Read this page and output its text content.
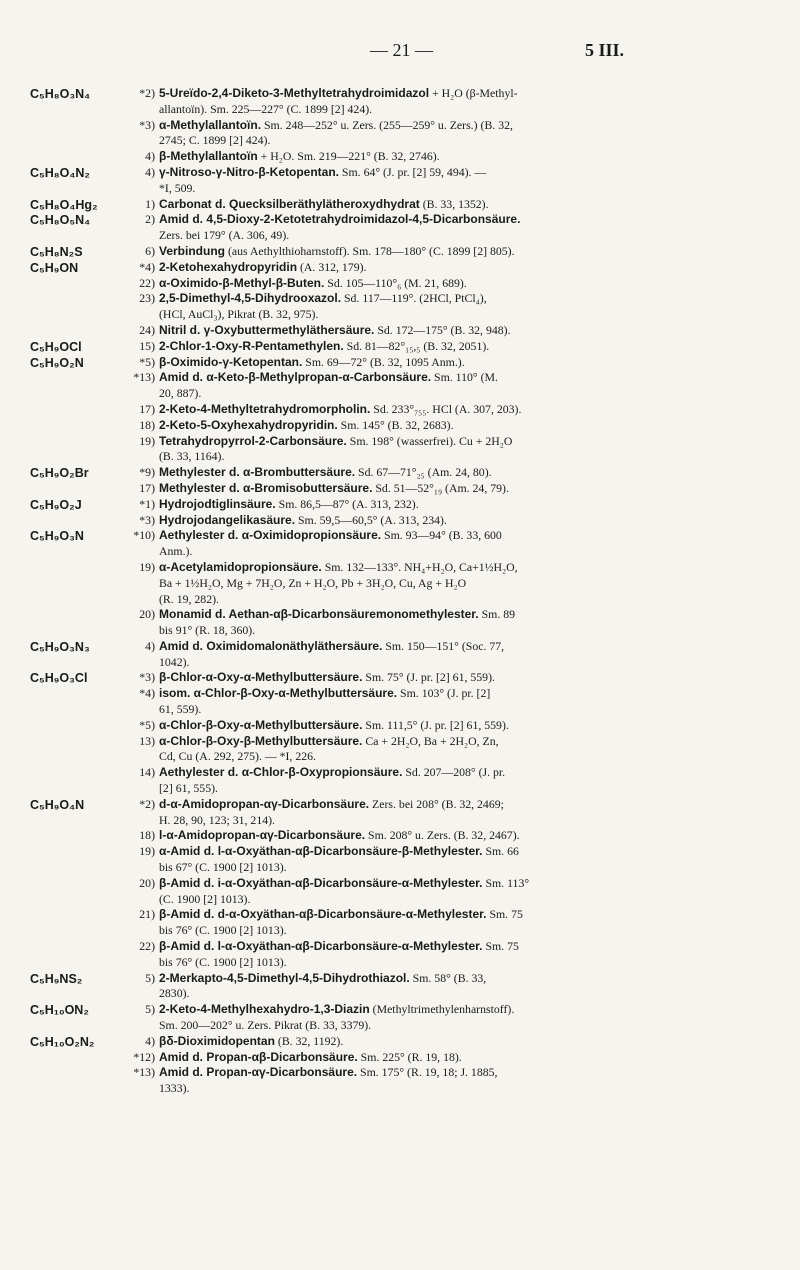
— 21 —	5 III.
C₅H₈O₃N₄	*2) 5-Ureïdo-2,4-Diketo-3-Methyltetrahydroimidazol + H₂O (β-Methyl-
allantoïn). Sm. 225—227° (C. 1899 [2] 424).
*3) α-Methylallantoïn. Sm. 248—252° u. Zers. (255—259° u. Zers.) (B. 32,
2745; C. 1899 [2] 424).
4) β-Methylallantoïn + H₂O. Sm. 219—221° (B. 32, 2746).
C₅H₈O₄N₂	4) γ-Nitroso-γ-Nitro-β-Ketopentan. Sm. 64° (J. pr. [2] 59, 494). —
*I, 509.
C₅H₈O₄Hg₂	1) Carbonat d. Quecksilberäthylätheroxydhydrat (B. 33, 1352).
C₅H₈O₅N₄	2) Amid d. 4,5-Dioxy-2-Ketotetrahydroimidazol-4,5-Dicarbonsäure.
Zers. bei 179° (A. 306, 49).
C₅H₈N₂S	6) Verbindung (aus Aethylthioharnstoff). Sm. 178—180° (C. 1899 [2] 805).
C₅H₉ON	*4) 2-Ketohexahydropyridin (A. 312, 179).
22) α-Oximido-β-Methyl-β-Buten. Sd. 105—110°₆ (M. 21, 689).
23) 2,5-Dimethyl-4,5-Dihydrooxazol. Sd. 117—119°. (2HCl, PtCl₄),
(HCl, AuCl₃), Pikrat (B. 32, 975).
24) Nitril d. γ-Oxybuttermethyläthersäure. Sd. 172—175° (B. 32, 948).
C₅H₉OCl	15) 2-Chlor-1-Oxy-R-Pentamethylen. Sd. 81—82°₁₅,₅ (B. 32, 2051).
C₅H₉O₂N	*5) β-Oximido-γ-Ketopentan. Sm. 69—72° (B. 32, 1095 Anm.).
*13) Amid d. α-Keto-β-Methylpropan-α-Carbonsäure. Sm. 110° (M.
20, 887).
17) 2-Keto-4-Methyltetrahydromorpholin. Sd. 233°₇₅₅. HCl (A. 307, 203).
18) 2-Keto-5-Oxyhexahydropyridin. Sm. 145° (B. 32, 2683).
19) Tetrahydropyrrol-2-Carbonsäure. Sm. 198° (wasserfrei). Cu + 2H₂O
(B. 33, 1164).
C₅H₉O₂Br	*9) Methylester d. α-Brombuttersäure. Sd. 67—71°₂₅ (Am. 24, 80).
17) Methylester d. α-Bromisobuttersäure. Sd. 51—52°₁₉ (Am. 24, 79).
C₅H₉O₂J	*1) Hydrojodtiglinsäure. Sm. 86,5—87° (A. 313, 232).
*3) Hydrojodangelikasäure. Sm. 59,5—60,5° (A. 313, 234).
C₅H₉O₃N	*10) Aethylester d. α-Oximidopropionsäure. Sm. 93—94° (B. 33, 600
Anm.).
19) α-Acetylamidopropionsäure. Sm. 132—133°. NH₄+H₂O, Ca+1½H₂O,
Ba + 1½H₂O, Mg + 7H₂O, Zn + H₂O, Pb + 3H₂O, Cu, Ag + H₂O
(R. 19, 282).
20) Monamid d. Aethan-αβ-Dicarbonsäuremonomethylester. Sm. 89
bis 91° (R. 18, 360).
C₅H₉O₃N₃	4) Amid d. Oximidomalonäthyläthersäure. Sm. 150—151° (Soc. 77,
1042).
C₅H₉O₃Cl	*3) β-Chlor-α-Oxy-α-Methylbuttersäure. Sm. 75° (J. pr. [2] 61, 559).
*4) isom. α-Chlor-β-Oxy-α-Methylbuttersäure. Sm. 103° (J. pr. [2]
61, 559).
*5) α-Chlor-β-Oxy-α-Methylbuttersäure. Sm. 111,5° (J. pr. [2] 61, 559).
13) α-Chlor-β-Oxy-β-Methylbuttersäure. Ca + 2H₂O, Ba + 2H₂O, Zn,
Cd, Cu (A. 292, 275). — *I, 226.
14) Aethylester d. α-Chlor-β-Oxypropionsäure. Sd. 207—208° (J. pr.
[2] 61, 555).
C₅H₉O₄N	*2) d-α-Amidopropan-αγ-Dicarbonsäure. Zers. bei 208° (B. 32, 2469;
H. 28, 90, 123; 31, 214).
18) l-α-Amidopropan-αγ-Dicarbonsäure. Sm. 208° u. Zers. (B. 32, 2467).
19) α-Amid d. l-α-Oxyäthan-αβ-Dicarbonsäure-β-Methylester. Sm. 66
bis 67° (C. 1900 [2] 1013).
20) β-Amid d. i-α-Oxyäthan-αβ-Dicarbonsäure-α-Methylester. Sm. 113°
(C. 1900 [2] 1013).
21) β-Amid d. d-α-Oxyäthan-αβ-Dicarbonsäure-α-Methylester. Sm. 75
bis 76° (C. 1900 [2] 1013).
22) β-Amid d. l-α-Oxyäthan-αβ-Dicarbonsäure-α-Methylester. Sm. 75
bis 76° (C. 1900 [2] 1013).
C₅H₉NS₂	5) 2-Merkapto-4,5-Dimethyl-4,5-Dihydrothiazol. Sm. 58° (B. 33,
2830).
C₅H₁₀ON₂	5) 2-Keto-4-Methylhexahydro-1,3-Diazin (Methyltrimethylenharnstoff).
Sm. 200—202° u. Zers. Pikrat (B. 33, 3379).
C₅H₁₀O₂N₂	4) βδ-Dioximidopentan (B. 32, 1192).
*12) Amid d. Propan-αβ-Dicarbonsäure. Sm. 225° (R. 19, 18).
*13) Amid d. Propan-αγ-Dicarbonsäure. Sm. 175° (R. 19, 18; J. 1885,
1333).
